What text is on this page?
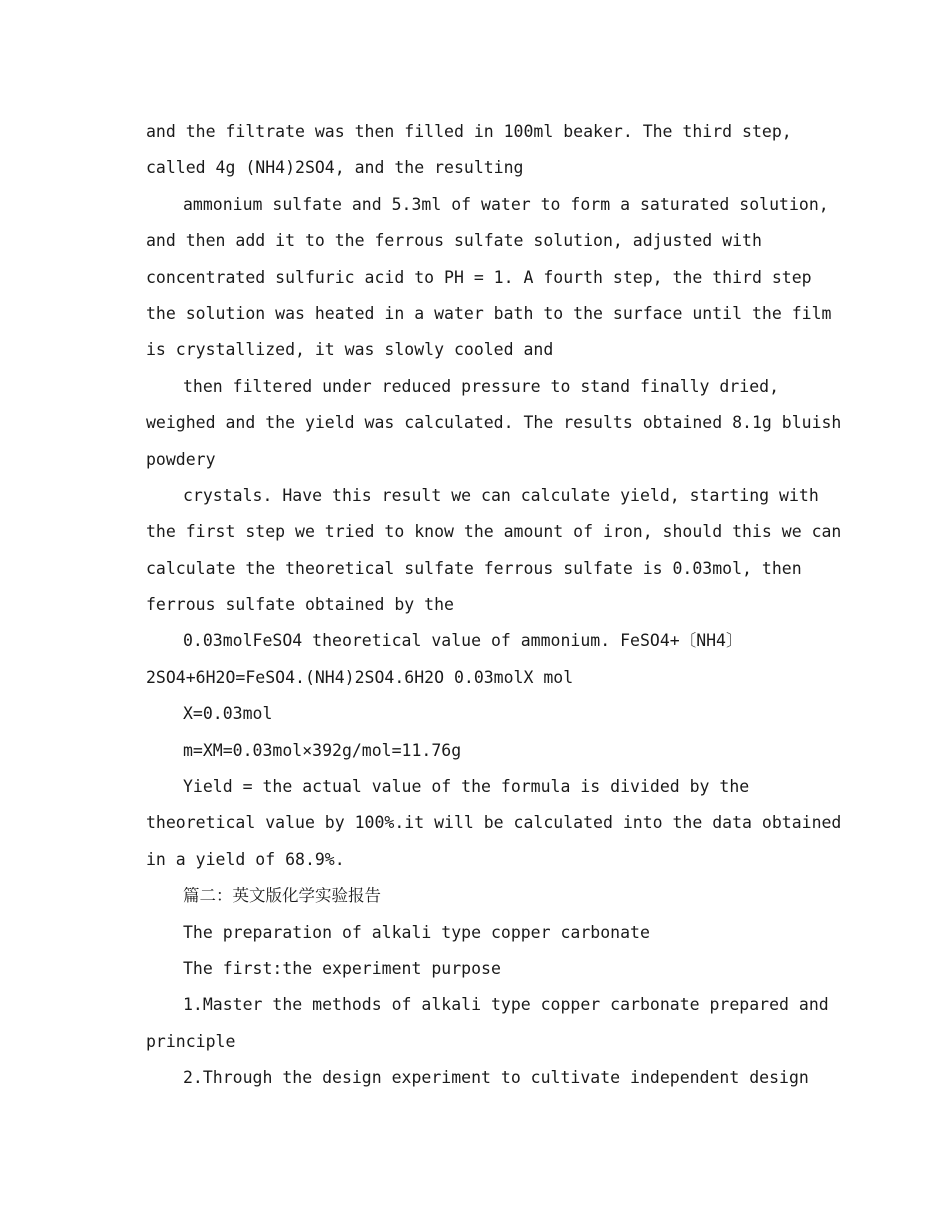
and the filtrate was then filled in 100ml beaker. The third step,
called 4g (NH4)2SO4, and the resulting
ammonium sulfate and 5.3ml of water to form a saturated solution,
and then add it to the ferrous sulfate solution, adjusted with
concentrated sulfuric acid to PH = 1. A fourth step, the third step
the solution was heated in a water bath to the surface until the film
is crystallized, it was slowly cooled and
then filtered under reduced pressure to stand finally dried,
weighed and the yield was calculated. The results obtained 8.1g bluish
powdery
crystals. Have this result we can calculate yield, starting with
the first step we tried to know the amount of iron, should this we can
calculate the theoretical sulfate ferrous sulfate is 0.03mol, then
ferrous sulfate obtained by the
0.03molFeSO4 theoretical value of ammonium. FeSO4+〔NH4〕
2SO4+6H2O=FeSO4.(NH4)2SO4.6H2O 0.03molX mol
X=0.03mol
m=XM=0.03mol×392g/mol=11.76g
Yield = the actual value of the formula is divided by the
theoretical value by 100%.it will be calculated into the data obtained
in a yield of 68.9%.
篇二：英文版化学实验报告
The preparation of alkali type copper carbonate
The first:the experiment purpose
1.Master the methods of alkali type copper carbonate prepared and
principle
2.Through the design experiment to cultivate independent design
